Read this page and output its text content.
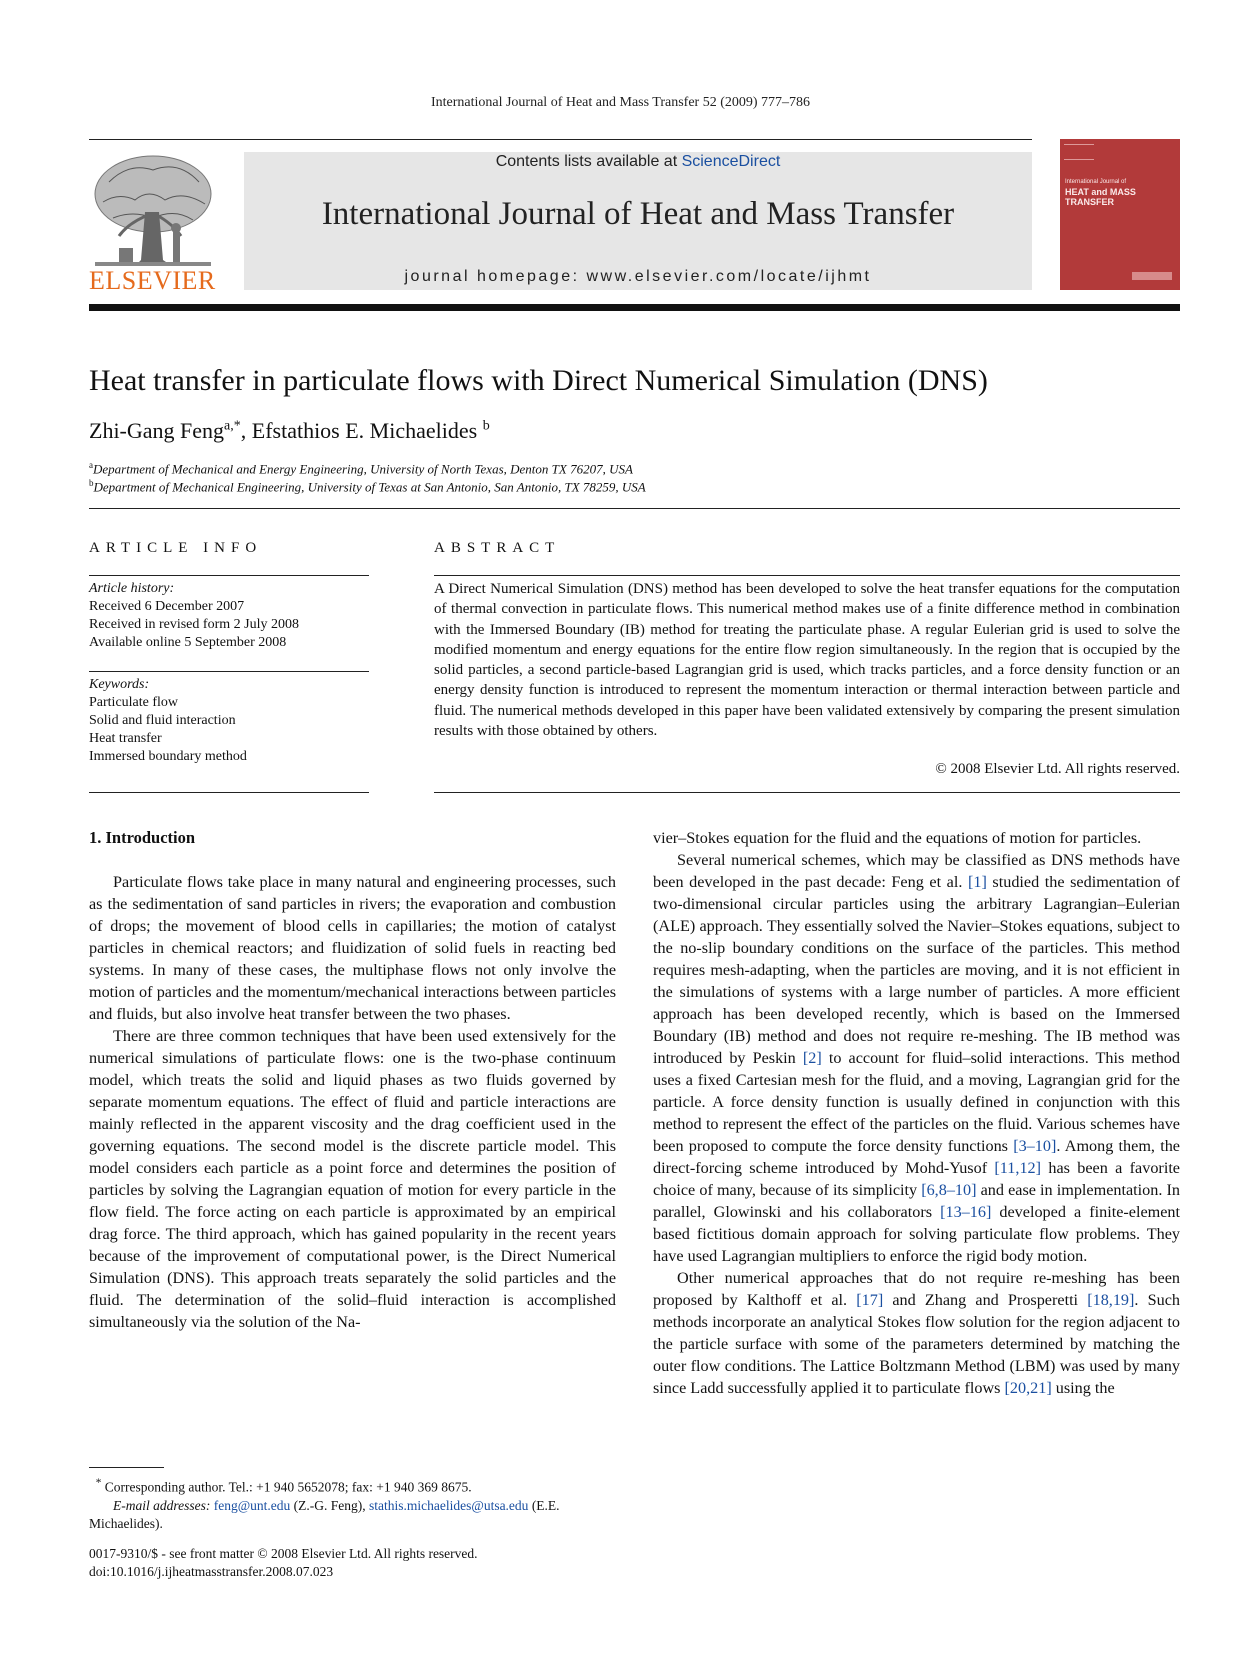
International Journal of Heat and Mass Transfer 52 (2009) 777–786
ELSEVIER
Contents lists available at ScienceDirect
International Journal of Heat and Mass Transfer
journal homepage: www.elsevier.com/locate/ijhmt
International Journal of
HEAT and MASS
TRANSFER
Heat transfer in particulate flows with Direct Numerical Simulation (DNS)
Zhi-Gang Feng$^{a,*}$, Efstathios E. Michaelides $^b$
$^a$Department of Mechanical and Energy Engineering, University of North Texas, Denton TX 76207, USA
$^b$Department of Mechanical Engineering, University of Texas at San Antonio, San Antonio, TX 78259, USA
ARTICLE INFO
Article history:
Received 6 December 2007
Received in revised form 2 July 2008
Available online 5 September 2008
Keywords:
Particulate flow
Solid and fluid interaction
Heat transfer
Immersed boundary method
ABSTRACT
A Direct Numerical Simulation (DNS) method has been developed to solve the heat transfer equations for the computation of thermal convection in particulate flows. This numerical method makes use of a finite difference method in combination with the Immersed Boundary (IB) method for treating the particulate phase. A regular Eulerian grid is used to solve the modified momentum and energy equations for the entire flow region simultaneously. In the region that is occupied by the solid particles, a second particle-based Lagrangian grid is used, which tracks particles, and a force density function or an energy density function is introduced to represent the momentum interaction or thermal interaction between particle and fluid. The numerical methods developed in this paper have been validated extensively by comparing the present simulation results with those obtained by others.
© 2008 Elsevier Ltd. All rights reserved.
1. Introduction

Particulate flows take place in many natural and engineering processes, such as the sedimentation of sand particles in rivers; the evaporation and combustion of drops; the movement of blood cells in capillaries; the motion of catalyst particles in chemical reactors; and fluidization of solid fuels in reacting bed systems. In many of these cases, the multiphase flows not only involve the motion of particles and the momentum/mechanical interactions between particles and fluids, but also involve heat transfer between the two phases.

There are three common techniques that have been used extensively for the numerical simulations of particulate flows: one is the two-phase continuum model, which treats the solid and liquid phases as two fluids governed by separate momentum equations. The effect of fluid and particle interactions are mainly reflected in the apparent viscosity and the drag coefficient used in the governing equations. The second model is the discrete particle model. This model considers each particle as a point force and determines the position of particles by solving the Lagrangian equation of motion for every particle in the flow field. The force acting on each particle is approximated by an empirical drag force. The third approach, which has gained popularity in the recent years because of the improvement of computational power, is the Direct Numerical Simulation (DNS). This approach treats separately the solid particles and the fluid. The determination of the solid–fluid interaction is accomplished simultaneously via the solution of the Na-

vier–Stokes equation for the fluid and the equations of motion for particles.

Several numerical schemes, which may be classified as DNS methods have been developed in the past decade: Feng et al. [1] studied the sedimentation of two-dimensional circular particles using the arbitrary Lagrangian–Eulerian (ALE) approach. They essentially solved the Navier–Stokes equations, subject to the no-slip boundary conditions on the surface of the particles. This method requires mesh-adapting, when the particles are moving, and it is not efficient in the simulations of systems with a large number of particles. A more efficient approach has been developed recently, which is based on the Immersed Boundary (IB) method and does not require re-meshing. The IB method was introduced by Peskin [2] to account for fluid–solid interactions. This method uses a fixed Cartesian mesh for the fluid, and a moving, Lagrangian grid for the particle. A force density function is usually defined in conjunction with this method to represent the effect of the particles on the fluid. Various schemes have been proposed to compute the force density functions [3–10]. Among them, the direct-forcing scheme introduced by Mohd-Yusof [11,12] has been a favorite choice of many, because of its simplicity [6,8–10] and ease in implementation. In parallel, Glowinski and his collaborators [13–16] developed a finite-element based fictitious domain approach for solving particulate flow problems. They have used Lagrangian multipliers to enforce the rigid body motion.

Other numerical approaches that do not require re-meshing has been proposed by Kalthoff et al. [17] and Zhang and Prosperetti [18,19]. Such methods incorporate an analytical Stokes flow solution for the region adjacent to the particle surface with some of the parameters determined by matching the outer flow conditions. The Lattice Boltzmann Method (LBM) was used by many since Ladd successfully applied it to particulate flows [20,21] using the

* Corresponding author. Tel.: +1 940 5652078; fax: +1 940 369 8675.
E-mail addresses: feng@unt.edu (Z.-G. Feng), stathis.michaelides@utsa.edu (E.E. Michaelides).
0017-9310/$ - see front matter © 2008 Elsevier Ltd. All rights reserved.
doi:10.1016/j.ijheatmasstransfer.2008.07.023
